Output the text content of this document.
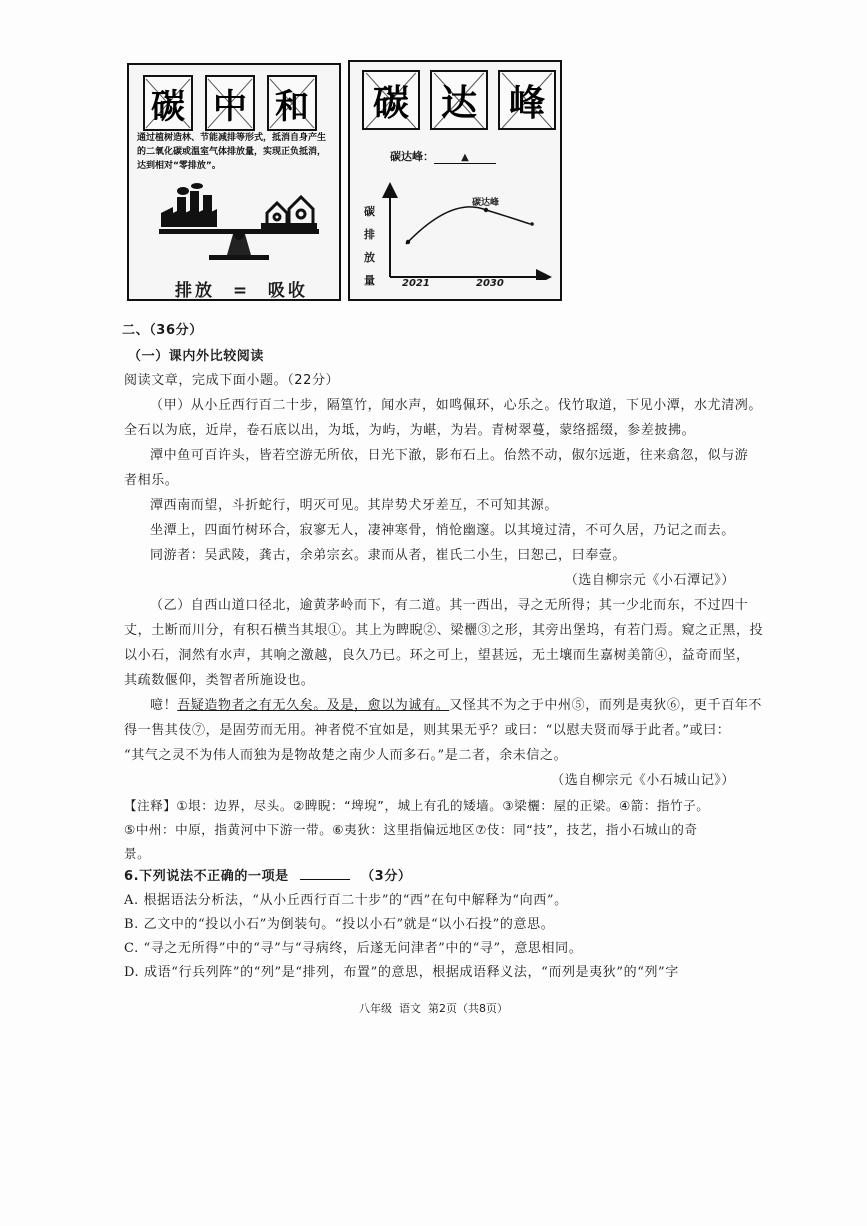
碳 中 和
通过植树造林、节能减排等形式，抵消自身产生
的二氧化碳或温室气体排放量，实现正负抵消，
达到相对“零排放”。
排放  =  吸收
碳 达 峰
碳达峰：	▲
碳
排
放
量
碳达峰
2021	2030
二、（36分）
（一）课内外比较阅读
阅读文章，完成下面小题。（22分）
（甲）从小丘西行百二十步，隔篁竹，闻水声，如鸣佩环，心乐之。伐竹取道，下见小潭，水尤清冽。
全石以为底，近岸，卷石底以出，为坻，为屿，为嵁，为岩。青树翠蔓，蒙络摇缀，参差披拂。
潭中鱼可百许头，皆若空游无所依，日光下澈，影布石上。佁然不动，俶尔远逝，往来翕忽，似与游
者相乐。
潭西南而望，斗折蛇行，明灭可见。其岸势犬牙差互，不可知其源。
坐潭上，四面竹树环合，寂寥无人，凄神寒骨，悄怆幽邃。以其境过清，不可久居，乃记之而去。
同游者：吴武陵，龚古，余弟宗玄。隶而从者，崔氏二小生，曰恕己，曰奉壹。
（选自柳宗元《小石潭记》）
（乙）自西山道口径北，逾黄茅岭而下，有二道。其一西出，寻之无所得；其一少北而东，不过四十
丈，土断而川分，有积石横当其垠①。其上为睥睨②、梁欐③之形，其旁出堡坞，有若门焉。窥之正黑，投
以小石，洞然有水声，其响之激越，良久乃已。环之可上，望甚远，无土壤而生嘉树美箭④，益奇而坚，
其疏数偃仰，类智者所施设也。
噫！吾疑造物者之有无久矣。及是，愈以为诚有。又怪其不为之于中州⑤，而列是夷狄⑥，更千百年不
得一售其伎⑦，是固劳而无用。神者傥不宜如是，则其果无乎？或曰：“以慰夫贤而辱于此者。”或曰：
“其气之灵不为伟人而独为是物故楚之南少人而多石。”是二者，余未信之。
（选自柳宗元《小石城山记》）
【注释】①垠：边界，尽头。②睥睨：“埤堄”，城上有孔的矮墙。③梁欐：屋的正梁。④箭：指竹子。
⑤中州：中原，指黄河中下游一带。⑥夷狄：这里指偏远地区⑦伎：同“技”，技艺，指小石城山的奇
景。
6.下列说法不正确的一项是	（3分）
A. 根据语法分析法，“从小丘西行百二十步”的“西”在句中解释为“向西”。
B. 乙文中的“投以小石”为倒装句。“投以小石”就是“以小石投”的意思。
C. “寻之无所得”中的“寻”与“寻病终，后遂无问津者”中的“寻”，意思相同。
D. 成语“行兵列阵”的“列”是“排列，布置”的意思，根据成语释义法，“而列是夷狄”的“列”字
八年级  语文  第2页（共8页）
